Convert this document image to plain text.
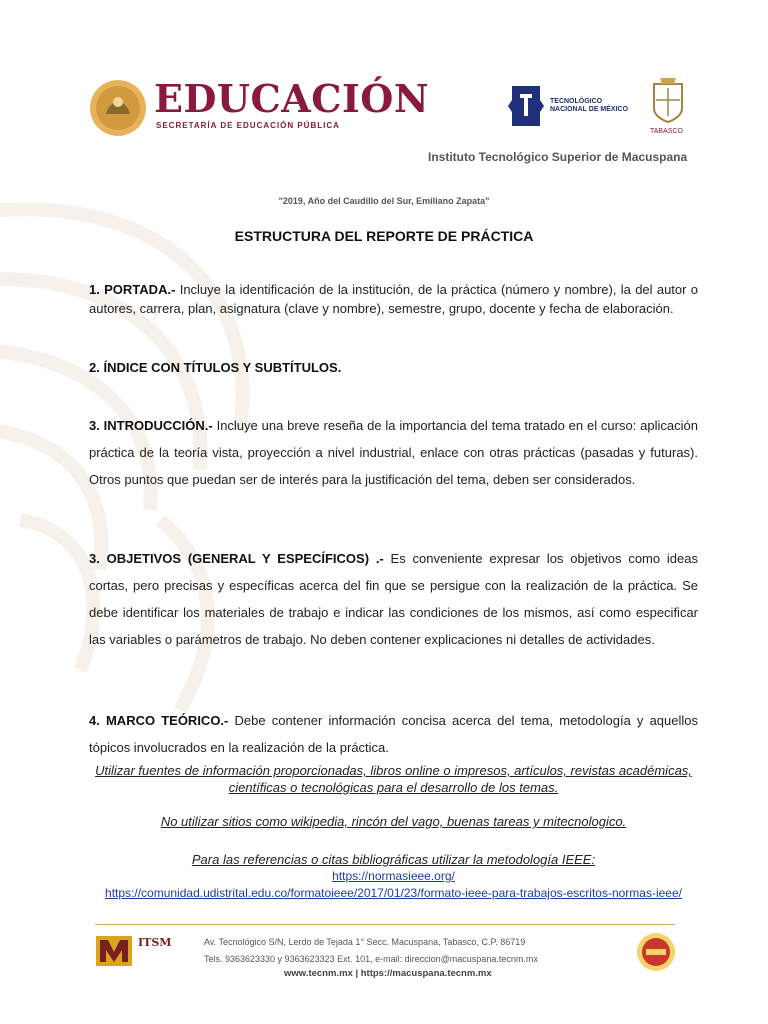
EDUCACIÓN
SECRETARÍA DE EDUCACIÓN PÚBLICA
TECNOLÓGICO
NACIONAL DE MÉXICO
TABASCO
Instituto Tecnológico Superior de Macuspana
"2019, Año del Caudillo del Sur, Emiliano Zapata"
ESTRUCTURA DEL REPORTE DE PRÁCTICA
1. PORTADA.- Incluye la identificación de la institución, de la práctica (número y nombre), la del autor o autores, carrera, plan, asignatura (clave y nombre), semestre, grupo, docente y fecha de elaboración.
2. ÍNDICE CON TÍTULOS Y SUBTÍTULOS.
3. INTRODUCCIÓN.- Incluye una breve reseña de la importancia del tema tratado en el curso: aplicación práctica de la teoría vista, proyección a nivel industrial, enlace con otras prácticas (pasadas y futuras). Otros puntos que puedan ser de interés para la justificación del tema, deben ser considerados.
3. OBJETIVOS (GENERAL Y ESPECÍFICOS) .- Es conveniente expresar los objetivos como ideas cortas, pero precisas y específicas acerca del fin que se persigue con la realización de la práctica. Se debe identificar los materiales de trabajo e indicar las condiciones de los mismos, así como especificar las variables o parámetros de trabajo. No deben contener explicaciones ni detalles de actividades.
4. MARCO TEÓRICO.- Debe contener información concisa acerca del tema, metodología y aquellos tópicos involucrados en la realización de la práctica.
Utilizar fuentes de información proporcionadas, libros online o impresos, artículos, revistas académicas, científicas o tecnológicas para el desarrollo de los temas.
No utilizar sitios como wikipedia, rincón del vago, buenas tareas y mitecnologico.
Para las referencias o citas bibliográficas utilizar la metodología IEEE:
https://normasieee.org/
https://comunidad.udistrital.edu.co/formatoieee/2017/01/23/formato-ieee-para-trabajos-escritos-normas-ieee/
ITSM	Av. Tecnológico S/N, Lerdo de Tejada 1° Secc. Macuspana, Tabasco, C.P. 86719
Tels. 9363623330 y 9363623323 Ext. 101, e-mail: direccion@macuspana.tecnm.mx
www.tecnm.mx | https://macuspana.tecnm.mx
